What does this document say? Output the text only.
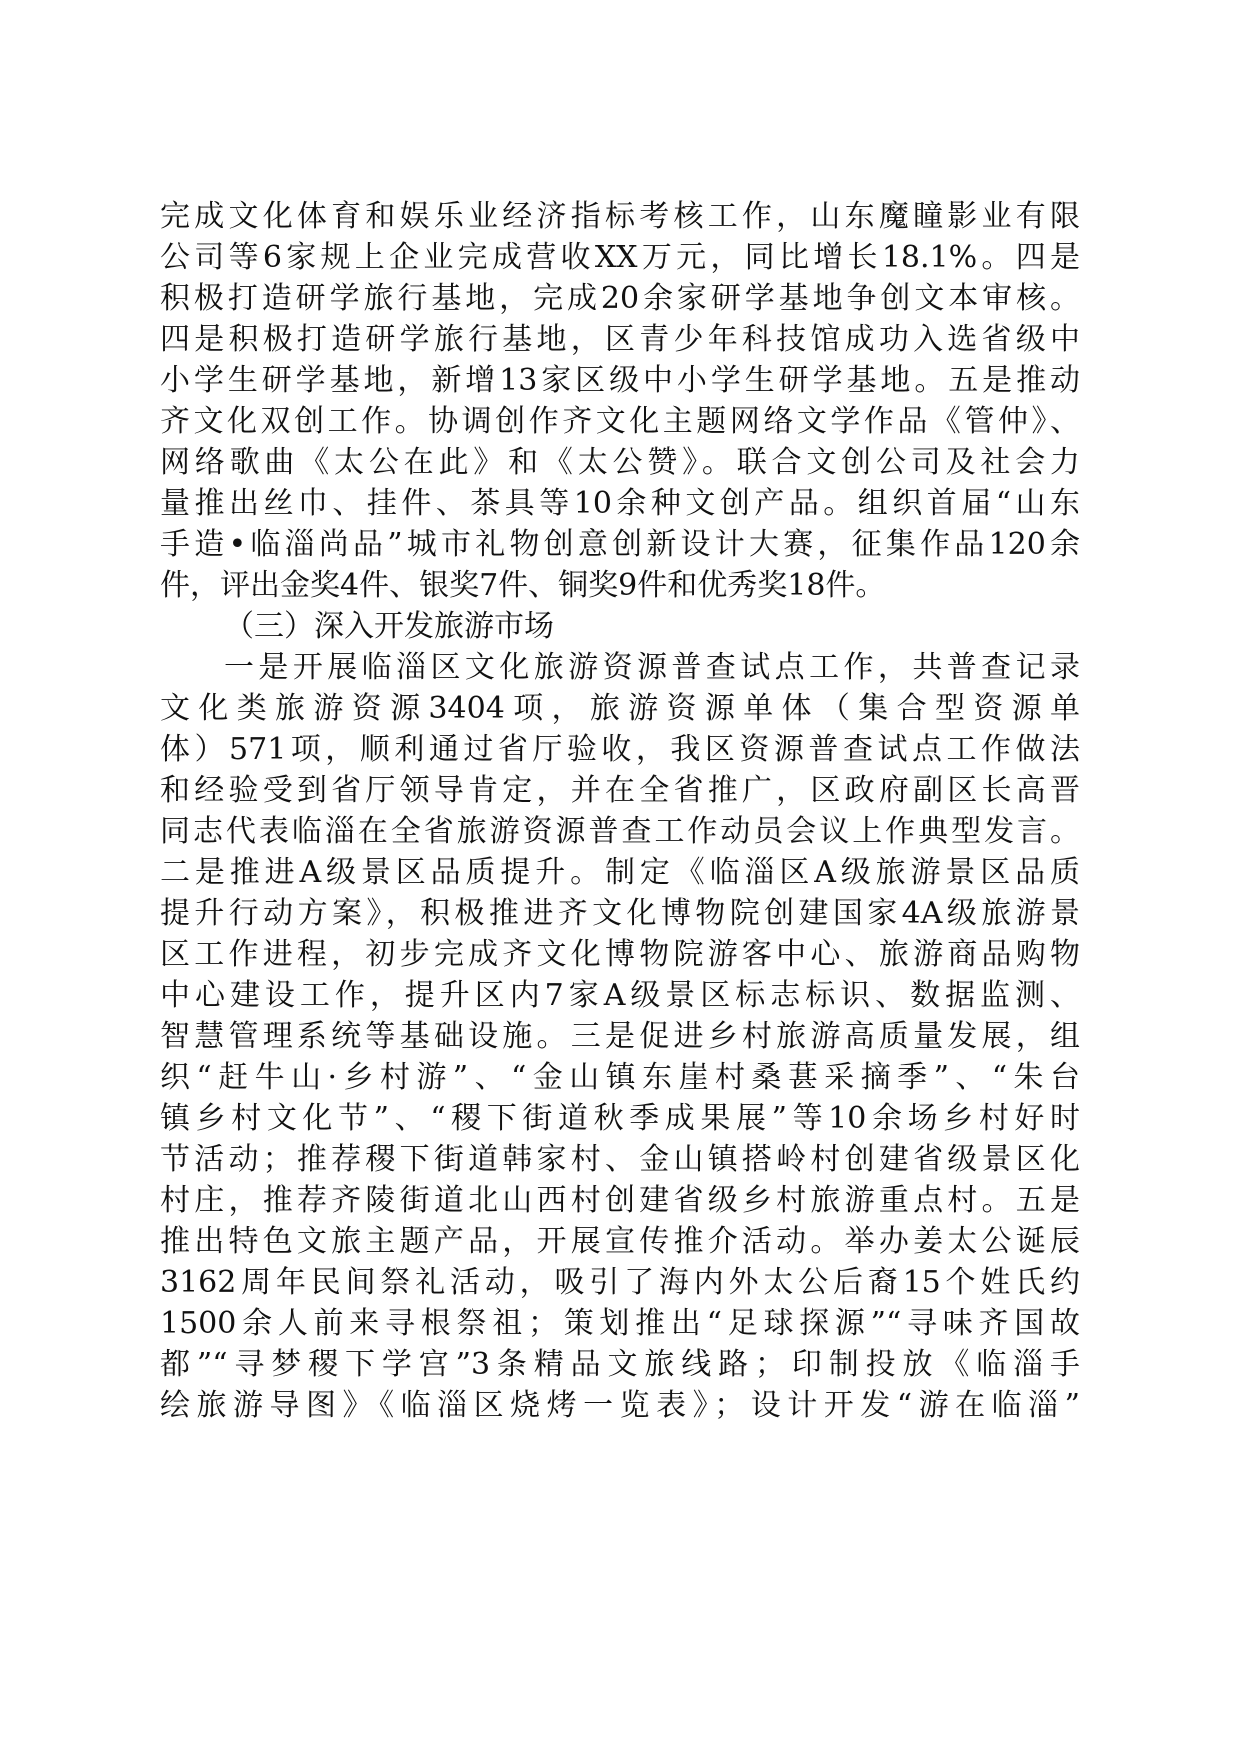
完成文化体育和娱乐业经济指标考核工作，山东魔瞳影业有限
公司等6家规上企业完成营收XX万元，同比增长18.1%。四是
积极打造研学旅行基地，完成20余家研学基地争创文本审核。
四是积极打造研学旅行基地，区青少年科技馆成功入选省级中
小学生研学基地，新增13家区级中小学生研学基地。五是推动
齐文化双创工作。协调创作齐文化主题网络文学作品《管仲》、
网络歌曲《太公在此》和《太公赞》。联合文创公司及社会力
量推出丝巾、挂件、茶具等10余种文创产品。组织首届“山东
手造•临淄尚品”城市礼物创意创新设计大赛，征集作品120余
件，评出金奖4件、银奖7件、铜奖9件和优秀奖18件。
（三）深入开发旅游市场
一是开展临淄区文化旅游资源普查试点工作，共普查记录
文化类旅游资源3404项，旅游资源单体（集合型资源单
体）571项，顺利通过省厅验收，我区资源普查试点工作做法
和经验受到省厅领导肯定，并在全省推广，区政府副区长高晋
同志代表临淄在全省旅游资源普查工作动员会议上作典型发言。
二是推进A级景区品质提升。制定《临淄区A级旅游景区品质
提升行动方案》，积极推进齐文化博物院创建国家4A级旅游景
区工作进程，初步完成齐文化博物院游客中心、旅游商品购物
中心建设工作，提升区内7家A级景区标志标识、数据监测、
智慧管理系统等基础设施。三是促进乡村旅游高质量发展，组
织“赶牛山·乡村游”、“金山镇东崖村桑葚采摘季”、“朱台
镇乡村文化节”、“稷下街道秋季成果展”等10余场乡村好时
节活动；推荐稷下街道韩家村、金山镇搭岭村创建省级景区化
村庄，推荐齐陵街道北山西村创建省级乡村旅游重点村。五是
推出特色文旅主题产品，开展宣传推介活动。举办姜太公诞辰
3162周年民间祭礼活动，吸引了海内外太公后裔15个姓氏约
1500余人前来寻根祭祖；策划推出“足球探源”“寻味齐国故
都”“寻梦稷下学宫”3条精品文旅线路；印制投放《临淄手
绘旅游导图》《临淄区烧烤一览表》；设计开发“游在临淄”
